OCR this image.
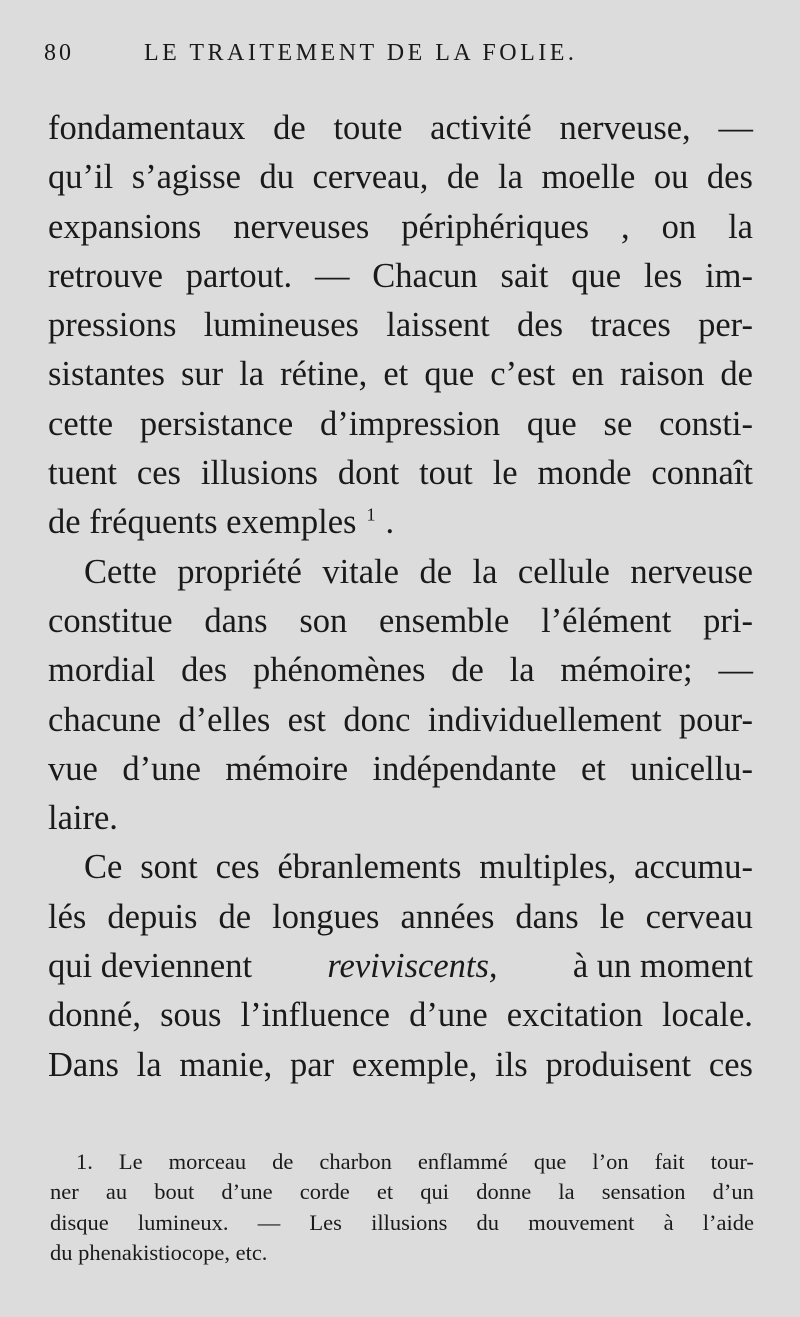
80	LE TRAITEMENT DE LA FOLIE.
fondamentaux de toute activité nerveuse, —
qu’il s’agisse du cerveau, de la moelle ou des
expansions nerveuses périphériques , on la
retrouve partout. — Chacun sait que les im-
pressions lumineuses laissent des traces per-
sistantes sur la rétine, et que c’est en raison de
cette persistance d’impression que se consti-
tuent ces illusions dont tout le monde connaît
de fréquents exemples $^1$ .
Cette propriété vitale de la cellule nerveuse
constitue dans son ensemble l’élément pri-
mordial des phénomènes de la mémoire; —
chacune d’elles est donc individuellement pour-
vue d’une mémoire indépendante et unicellu-
laire.
Ce sont ces ébranlements multiples, accumu-
lés depuis de longues années dans le cerveau
qui deviennent reviviscents, à un moment
donné, sous l’influence d’une excitation locale.
Dans la manie, par exemple, ils produisent ces
1. Le morceau de charbon enflammé que l’on fait tour-
ner au bout d’une corde et qui donne la sensation d’un
disque lumineux. — Les illusions du mouvement à l’aide
du phenakistiocope, etc.
